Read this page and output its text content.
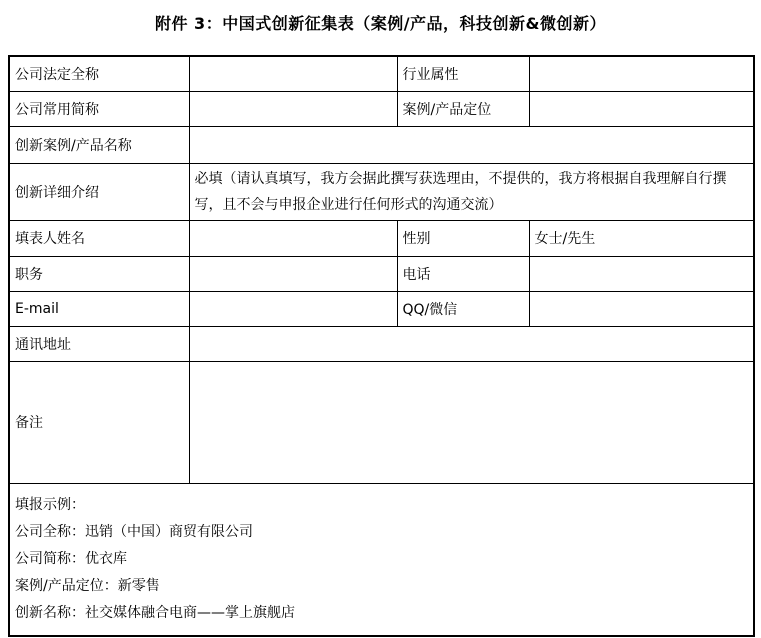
附件 3：中国式创新征集表（案例/产品，科技创新&微创新）
公司法定全称		行业属性	
公司常用简称		案例/产品定位	
创新案例/产品名称			
创新详细介绍	必填（请认真填写，我方会据此撰写获选理由，不提供的，我方将根据自我理解自行撰写，且不会与申报企业进行任何形式的沟通交流）		
填表人姓名		性别	女士/先生
职务		电话	
E-mail		QQ/微信	
通讯地址			
备注			

填报示例：
公司全称：迅销（中国）商贸有限公司
公司简称：优衣库
案例/产品定位：新零售
创新名称：社交媒体融合电商——掌上旗舰店			
